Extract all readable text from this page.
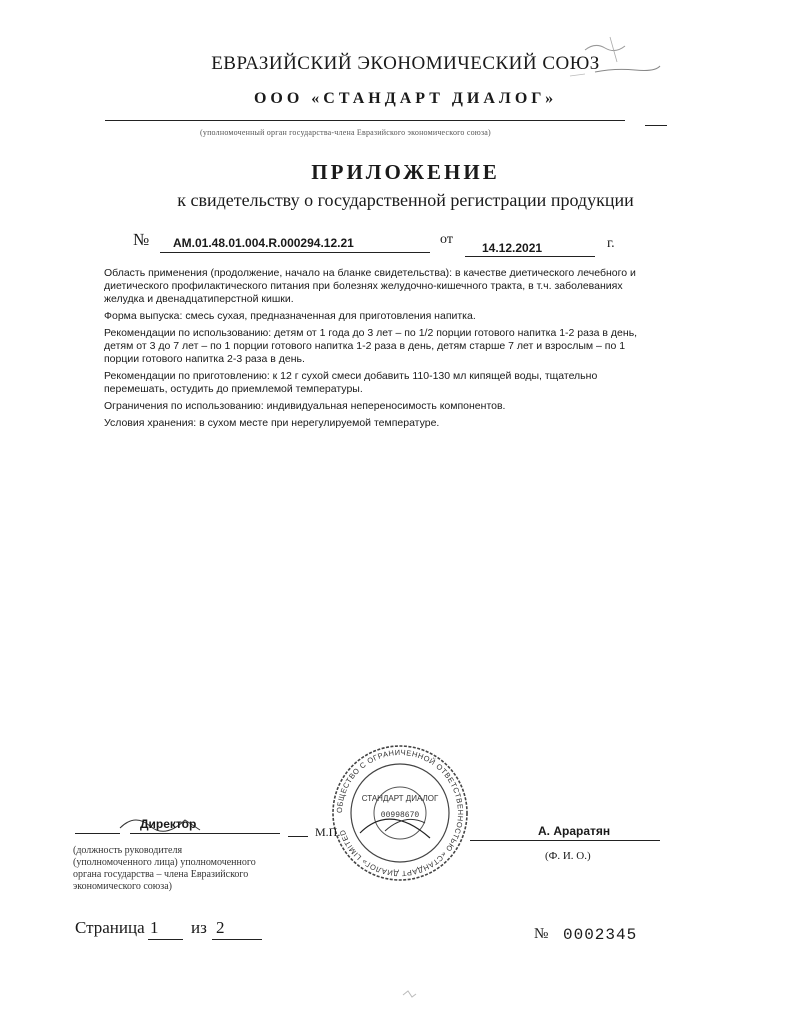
ЕВРАЗИЙСКИЙ ЭКОНОМИЧЕСКИЙ СОЮЗ
ООО «СТАНДАРТ ДИАЛОГ»
(уполномоченный орган государства-члена Евразийского экономического союза)
ПРИЛОЖЕНИЕ
к свидетельству о государственной регистрации продукции
№ AM.01.48.01.004.R.000294.12.21	от
14.12.2021	г.

Область применения (продолжение, начало на бланке свидетельства): в качестве диетического лечебного и диетического профилактического питания при болезнях желудочно-кишечного тракта, в т.ч. заболеваниях желудка и двенадцатиперстной кишки.

Форма выпуска: смесь сухая, предназначенная для приготовления напитка.

Рекомендации по использованию: детям от 1 года до 3 лет – по 1/2 порции готового напитка 1-2 раза в день, детям от 3 до 7 лет – по 1 порции готового напитка 1-2 раза в день, детям старше 7 лет и взрослым – по 1 порции готового напитка 2-3 раза в день.

Рекомендации по приготовлению: к 12 г сухой смеси добавить 110-130 мл кипящей воды, тщательно перемешать, остудить до приемлемой температуры.

Ограничения по использованию: индивидуальная непереносимость компонентов.

Условия хранения: в сухом месте при нерегулируемой температуре.

ОБЩЕСТВО С ОГРАНИЧЕННОЙ ОТВЕТСТВЕННОСТЬЮ «СТАНДАРТ ДИАЛОГ» LIMITED
СТАНДАРТ ДИАЛОГ
00998670
Директор
М.П.	А. Араратян
(Ф. И. О.)
(должность руководителя
(уполномоченного лица) уполномоченного
органа государства – члена Евразийского
экономического союза)
Страница 1 из 2	№ 0002345
